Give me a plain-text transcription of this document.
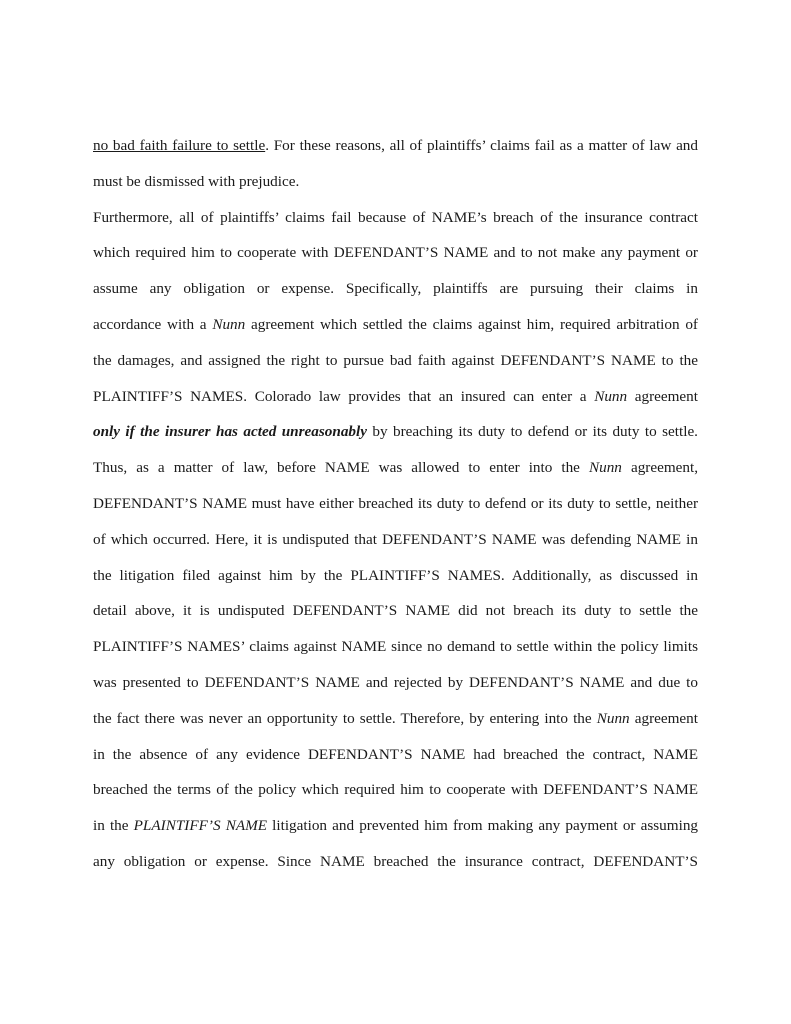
no bad faith failure to settle. For these reasons, all of plaintiffs’ claims fail as a matter of law and
must be dismissed with prejudice.
Furthermore, all of plaintiffs’ claims fail because of NAME’s breach of the insurance contract
which required him to cooperate with DEFENDANT’S NAME and to not make any payment or
assume any obligation or expense. Specifically, plaintiffs are pursuing their claims in
accordance with a Nunn agreement which settled the claims against him, required arbitration of
the damages, and assigned the right to pursue bad faith against DEFENDANT’S NAME to the
PLAINTIFF’S NAMES. Colorado law provides that an insured can enter a Nunn agreement
only if the insurer has acted unreasonably by breaching its duty to defend or its duty to settle.
Thus, as a matter of law, before NAME was allowed to enter into the Nunn agreement,
DEFENDANT’S NAME must have either breached its duty to defend or its duty to settle, neither
of which occurred. Here, it is undisputed that DEFENDANT’S NAME was defending NAME in
the litigation filed against him by the PLAINTIFF’S NAMES. Additionally, as discussed in
detail above, it is undisputed DEFENDANT’S NAME did not breach its duty to settle the
PLAINTIFF’S NAMES’ claims against NAME since no demand to settle within the policy limits
was presented to DEFENDANT’S NAME and rejected by DEFENDANT’S NAME and due to
the fact there was never an opportunity to settle. Therefore, by entering into the Nunn agreement
in the absence of any evidence DEFENDANT’S NAME had breached the contract, NAME
breached the terms of the policy which required him to cooperate with DEFENDANT’S NAME
in the PLAINTIFF’S NAME litigation and prevented him from making any payment or assuming
any obligation or expense. Since NAME breached the insurance contract, DEFENDANT’S
